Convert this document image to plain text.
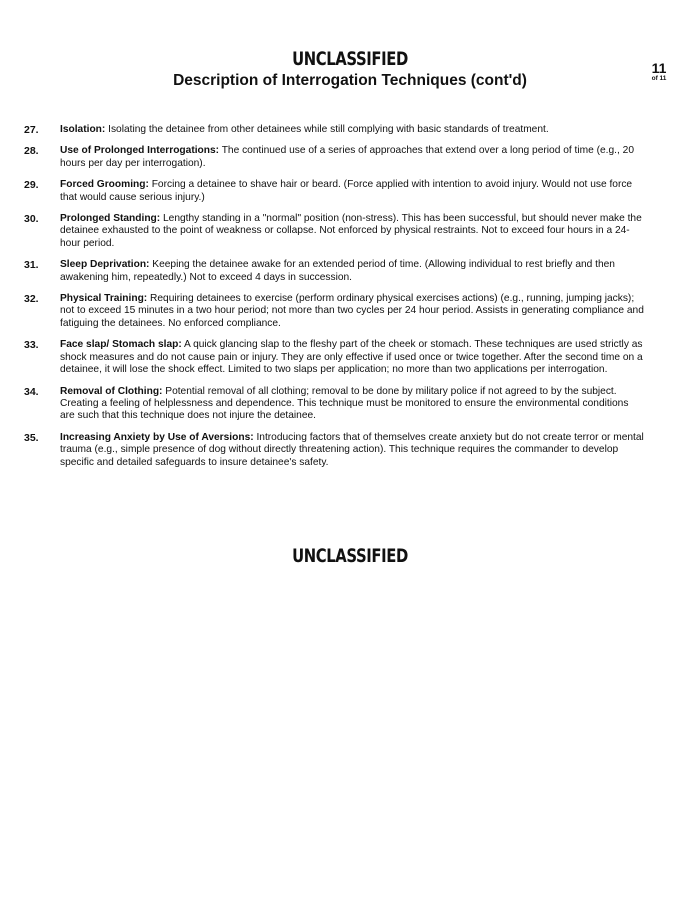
UNCLASSIFIED
Description of Interrogation Techniques (cont'd)
11
of 11
27.	Isolation: Isolating the detainee from other detainees while still complying with basic standards of treatment.
28.	Use of Prolonged Interrogations: The continued use of a series of approaches that extend over a long period of time (e.g., 20 hours per day per interrogation).
29.	Forced Grooming: Forcing a detainee to shave hair or beard. (Force applied with intention to avoid injury. Would not use force that would cause serious injury.)
30.	Prolonged Standing: Lengthy standing in a "normal" position (non-stress). This has been successful, but should never make the detainee exhausted to the point of weakness or collapse. Not enforced by physical restraints. Not to exceed four hours in a 24-hour period.
31.	Sleep Deprivation: Keeping the detainee awake for an extended period of time. (Allowing individual to rest briefly and then awakening him, repeatedly.) Not to exceed 4 days in succession.
32.	Physical Training: Requiring detainees to exercise (perform ordinary physical exercises actions) (e.g., running, jumping jacks); not to exceed 15 minutes in a two hour period; not more than two cycles per 24 hour period. Assists in generating compliance and fatiguing the detainees. No enforced compliance.
33.	Face slap/ Stomach slap: A quick glancing slap to the fleshy part of the cheek or stomach. These techniques are used strictly as shock measures and do not cause pain or injury. They are only effective if used once or twice together. After the second time on a detainee, it will lose the shock effect. Limited to two slaps per application; no more than two applications per interrogation.
34.	Removal of Clothing: Potential removal of all clothing; removal to be done by military police if not agreed to by the subject. Creating a feeling of helplessness and dependence. This technique must be monitored to ensure the environmental conditions are such that this technique does not injure the detainee.
35.	Increasing Anxiety by Use of Aversions: Introducing factors that of themselves create anxiety but do not create terror or mental trauma (e.g., simple presence of dog without directly threatening action). This technique requires the commander to develop specific and detailed safeguards to insure detainee's safety.
UNCLASSIFIED
